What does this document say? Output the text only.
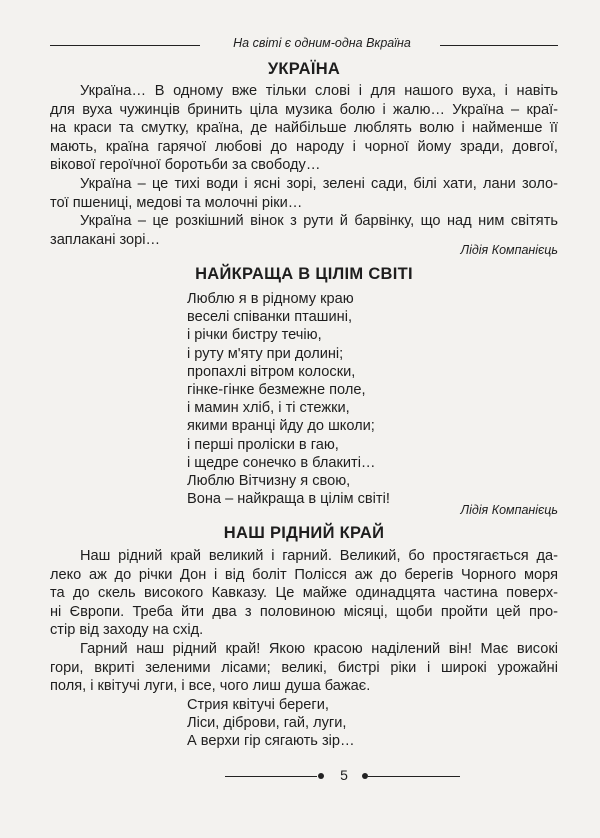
На світі є одним-одна Вкраїна
УКРАЇНА
Україна… В одному вже тільки слові і для нашого вуха, і навіть
для вуха чужинців бринить ціла музика болю і жалю… Україна – краї-
на краси та смутку, країна, де найбільше люблять волю і найменше її
мають, країна гарячої любові до народу і чорної йому зради, довгої,
вікової героїчної боротьби за свободу…
Україна – це тихі води і ясні зорі, зелені сади, білі хати, лани золо-
тої пшениці, медові та молочні ріки…
Україна – це розкішний вінок з рути й барвінку, що над ним світять
заплакані зорі…
Лідія Компанієць
НАЙКРАЩА В ЦІЛІМ СВІТІ
Люблю я в рідному краю
веселі співанки пташині,
і річки бистру течію,
і руту м'яту при долині;
пропахлі вітром колоски,
гінке-гінке безмежне поле,
і мамин хліб, і ті стежки,
якими вранці йду до школи;
і перші проліски в гаю,
і щедре сонечко в блакиті…
Люблю Вітчизну я свою,
Вона – найкраща в цілім світі!
Лідія Компанієць
НАШ РІДНИЙ КРАЙ
Наш рідний край великий і гарний. Великий, бо простягається да-
леко аж до річки Дон і від боліт Полісся аж до берегів Чорного моря
та до скель високого Кавказу. Це майже одинадцята частина поверх-
ні Європи. Треба йти два з половиною місяці, щоби пройти цей про-
стір від заходу на схід.
Гарний наш рідний край! Якою красою наділений він! Має високі
гори, вкриті зеленими лісами; великі, бистрі ріки і широкі урожайні
поля, і квітучі луги, і все, чого лиш душа бажає.
Стрия квітучі береги,
Ліси, діброви, гай, луги,
А верхи гір сягають зір…
5
